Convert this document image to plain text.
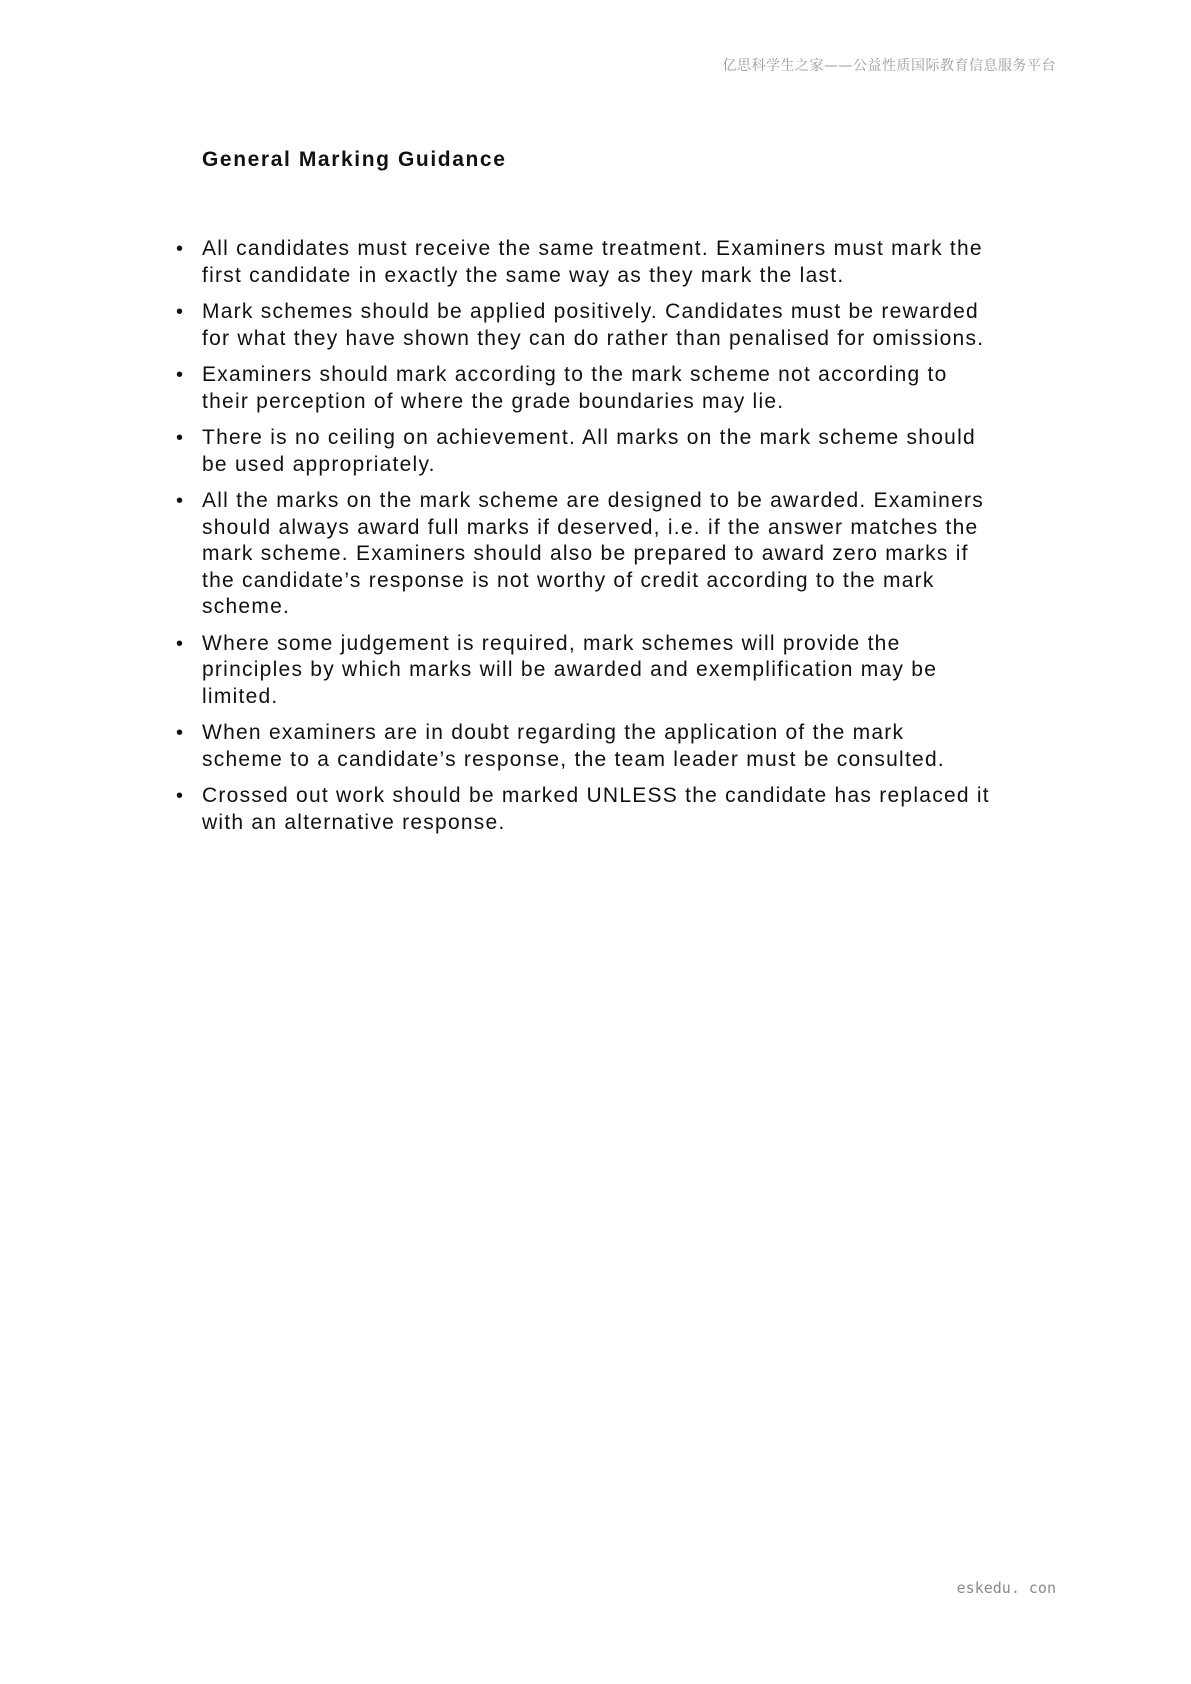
亿思科学生之家——公益性质国际教育信息服务平台
General Marking Guidance
• All candidates must receive the same treatment. Examiners must mark the first candidate in exactly the same way as they mark the last.
• Mark schemes should be applied positively. Candidates must be rewarded for what they have shown they can do rather than penalised for omissions.
• Examiners should mark according to the mark scheme not according to their perception of where the grade boundaries may lie.
• There is no ceiling on achievement. All marks on the mark scheme should be used appropriately.
• All the marks on the mark scheme are designed to be awarded. Examiners should always award full marks if deserved, i.e. if the answer matches the mark scheme. Examiners should also be prepared to award zero marks if the candidate’s response is not worthy of credit according to the mark scheme.
• Where some judgement is required, mark schemes will provide the principles by which marks will be awarded and exemplification may be limited.
• When examiners are in doubt regarding the application of the mark scheme to a candidate’s response, the team leader must be consulted.
• Crossed out work should be marked UNLESS the candidate has replaced it with an alternative response.
eskedu. con
